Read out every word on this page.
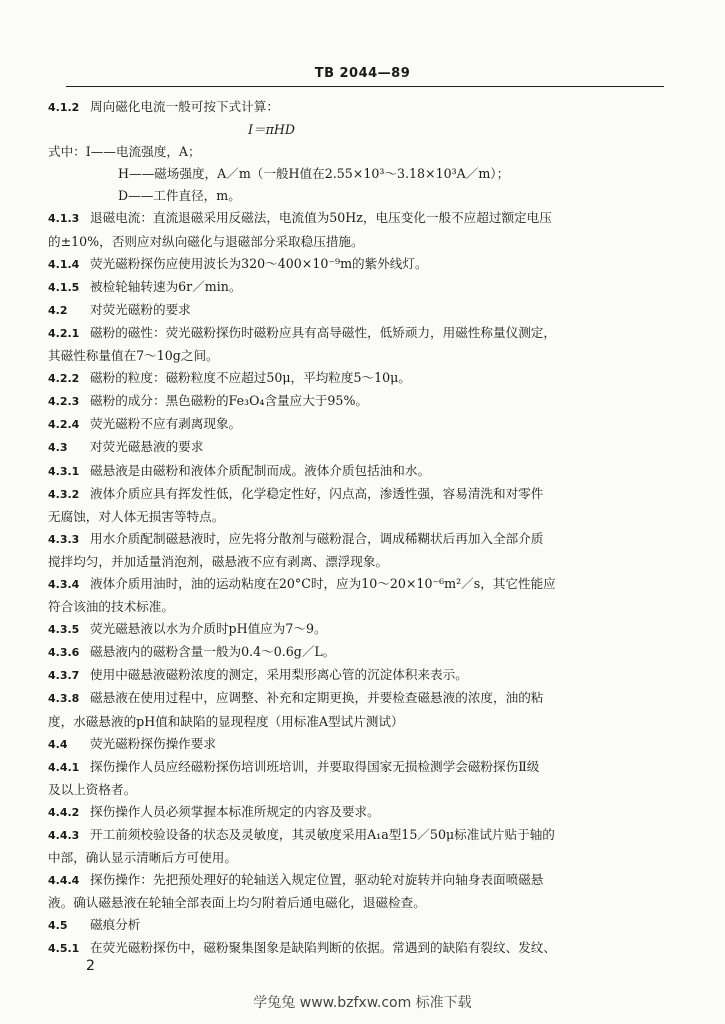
TB 2044—89
4.1.2 周向磁化电流一般可按下式计算：
I＝πHD
式中：I——电流强度，A；
H——磁场强度，A／m（一般H值在2.55×10³～3.18×10³A／m）；
D——工件直径，m。
4.1.3 退磁电流：直流退磁采用反磁法，电流值为50Hz，电压变化一般不应超过额定电压
的±10%，否则应对纵向磁化与退磁部分采取稳压措施。
4.1.4 荧光磁粉探伤应使用波长为320～400×10⁻⁹m的紫外线灯。
4.1.5 被检轮轴转速为6r／min。
4.2 对荧光磁粉的要求
4.2.1 磁粉的磁性：荧光磁粉探伤时磁粉应具有高导磁性，低矫顽力，用磁性称量仪测定，
其磁性称量值在7～10g之间。
4.2.2 磁粉的粒度：磁粉粒度不应超过50μ，平均粒度5～10μ。
4.2.3 磁粉的成分：黑色磁粉的Fe₃O₄含量应大于95%。
4.2.4 荧光磁粉不应有剥离现象。
4.3 对荧光磁悬液的要求
4.3.1 磁悬液是由磁粉和液体介质配制而成。液体介质包括油和水。
4.3.2 液体介质应具有挥发性低，化学稳定性好，闪点高，渗透性强，容易清洗和对零件
无腐蚀，对人体无损害等特点。
4.3.3 用水介质配制磁悬液时，应先将分散剂与磁粉混合，调成稀糊状后再加入全部介质
搅拌均匀，并加适量消泡剂，磁悬液不应有剥离、漂浮现象。
4.3.4 液体介质用油时，油的运动粘度在20°C时，应为10～20×10⁻⁶m²／s，其它性能应
符合该油的技术标准。
4.3.5 荧光磁悬液以水为介质时pH值应为7～9。
4.3.6 磁悬液内的磁粉含量一般为0.4～0.6g／L。
4.3.7 使用中磁悬液磁粉浓度的测定，采用梨形离心管的沉淀体积来表示。
4.3.8 磁悬液在使用过程中，应调整、补充和定期更换，并要检查磁悬液的浓度，油的粘
度，水磁悬液的pH值和缺陷的显现程度（用标准A型试片测试）
4.4 荧光磁粉探伤操作要求
4.4.1 探伤操作人员应经磁粉探伤培训班培训，并要取得国家无损检测学会磁粉探伤Ⅱ级
及以上资格者。
4.4.2 探伤操作人员必须掌握本标准所规定的内容及要求。
4.4.3 开工前须校验设备的状态及灵敏度，其灵敏度采用A₁a型15／50μ标准试片贴于轴的
中部，确认显示清晰后方可使用。
4.4.4 探伤操作：先把预处理好的轮轴送入规定位置，驱动轮对旋转并向轴身表面喷磁悬
液。确认磁悬液在轮轴全部表面上均匀附着后通电磁化，退磁检查。
4.5 磁痕分析
4.5.1 在荧光磁粉探伤中，磁粉聚集图象是缺陷判断的依据。常遇到的缺陷有裂纹、发纹、
2
学兔兔 www.bzfxw.com 标准下载
